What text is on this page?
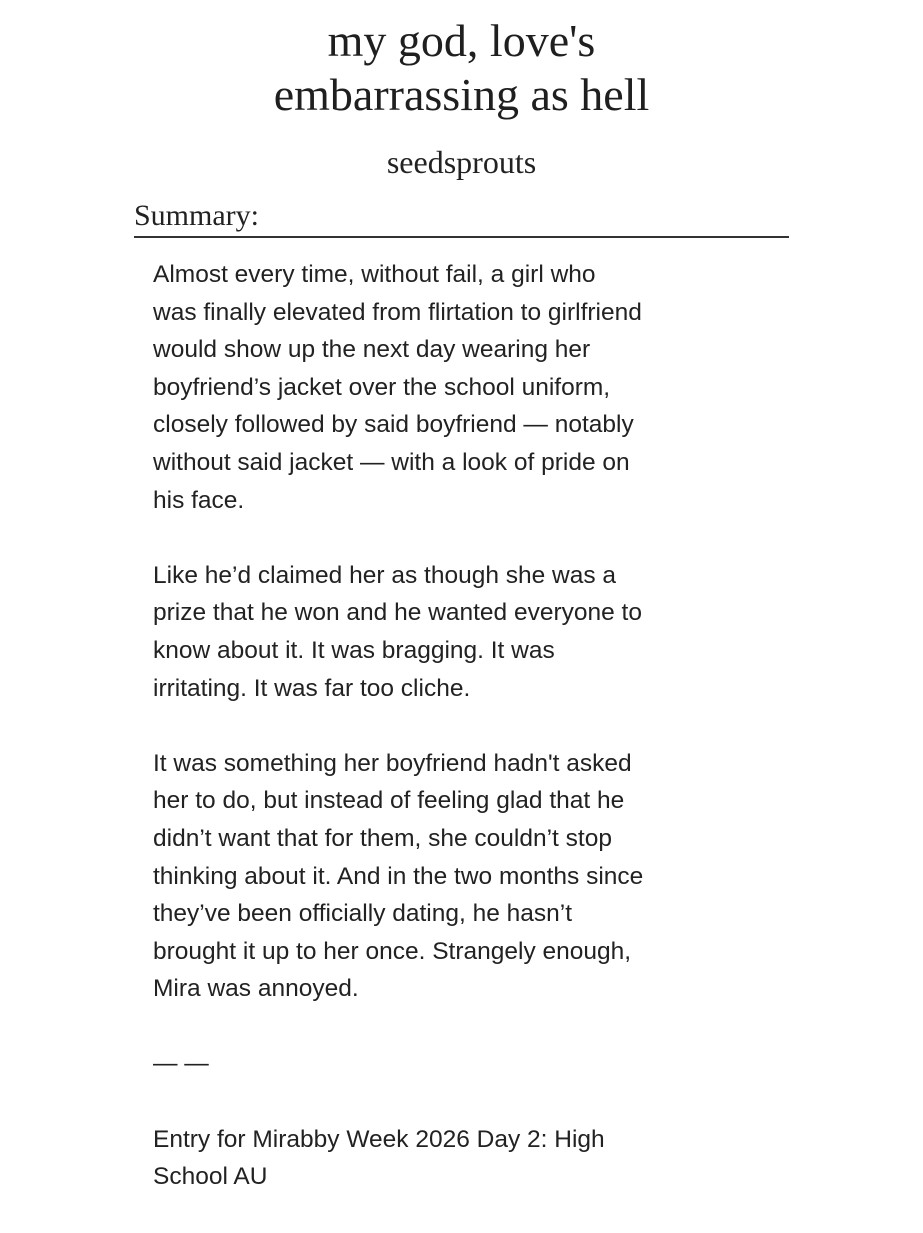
my god, love's
embarrassing as hell
seedsprouts
Summary:

Almost every time, without fail, a girl who
was finally elevated from flirtation to girlfriend
would show up the next day wearing her
boyfriend’s jacket over the school uniform,
closely followed by said boyfriend — notably
without said jacket — with a look of pride on
his face.

Like he’d claimed her as though she was a
prize that he won and he wanted everyone to
know about it. It was bragging. It was
irritating. It was far too cliche.

It was something her boyfriend hadn't asked
her to do, but instead of feeling glad that he
didn’t want that for them, she couldn’t stop
thinking about it. And in the two months since
they’ve been officially dating, he hasn’t
brought it up to her once. Strangely enough,
Mira was annoyed.

— —

Entry for Mirabby Week 2026 Day 2: High
School AU
